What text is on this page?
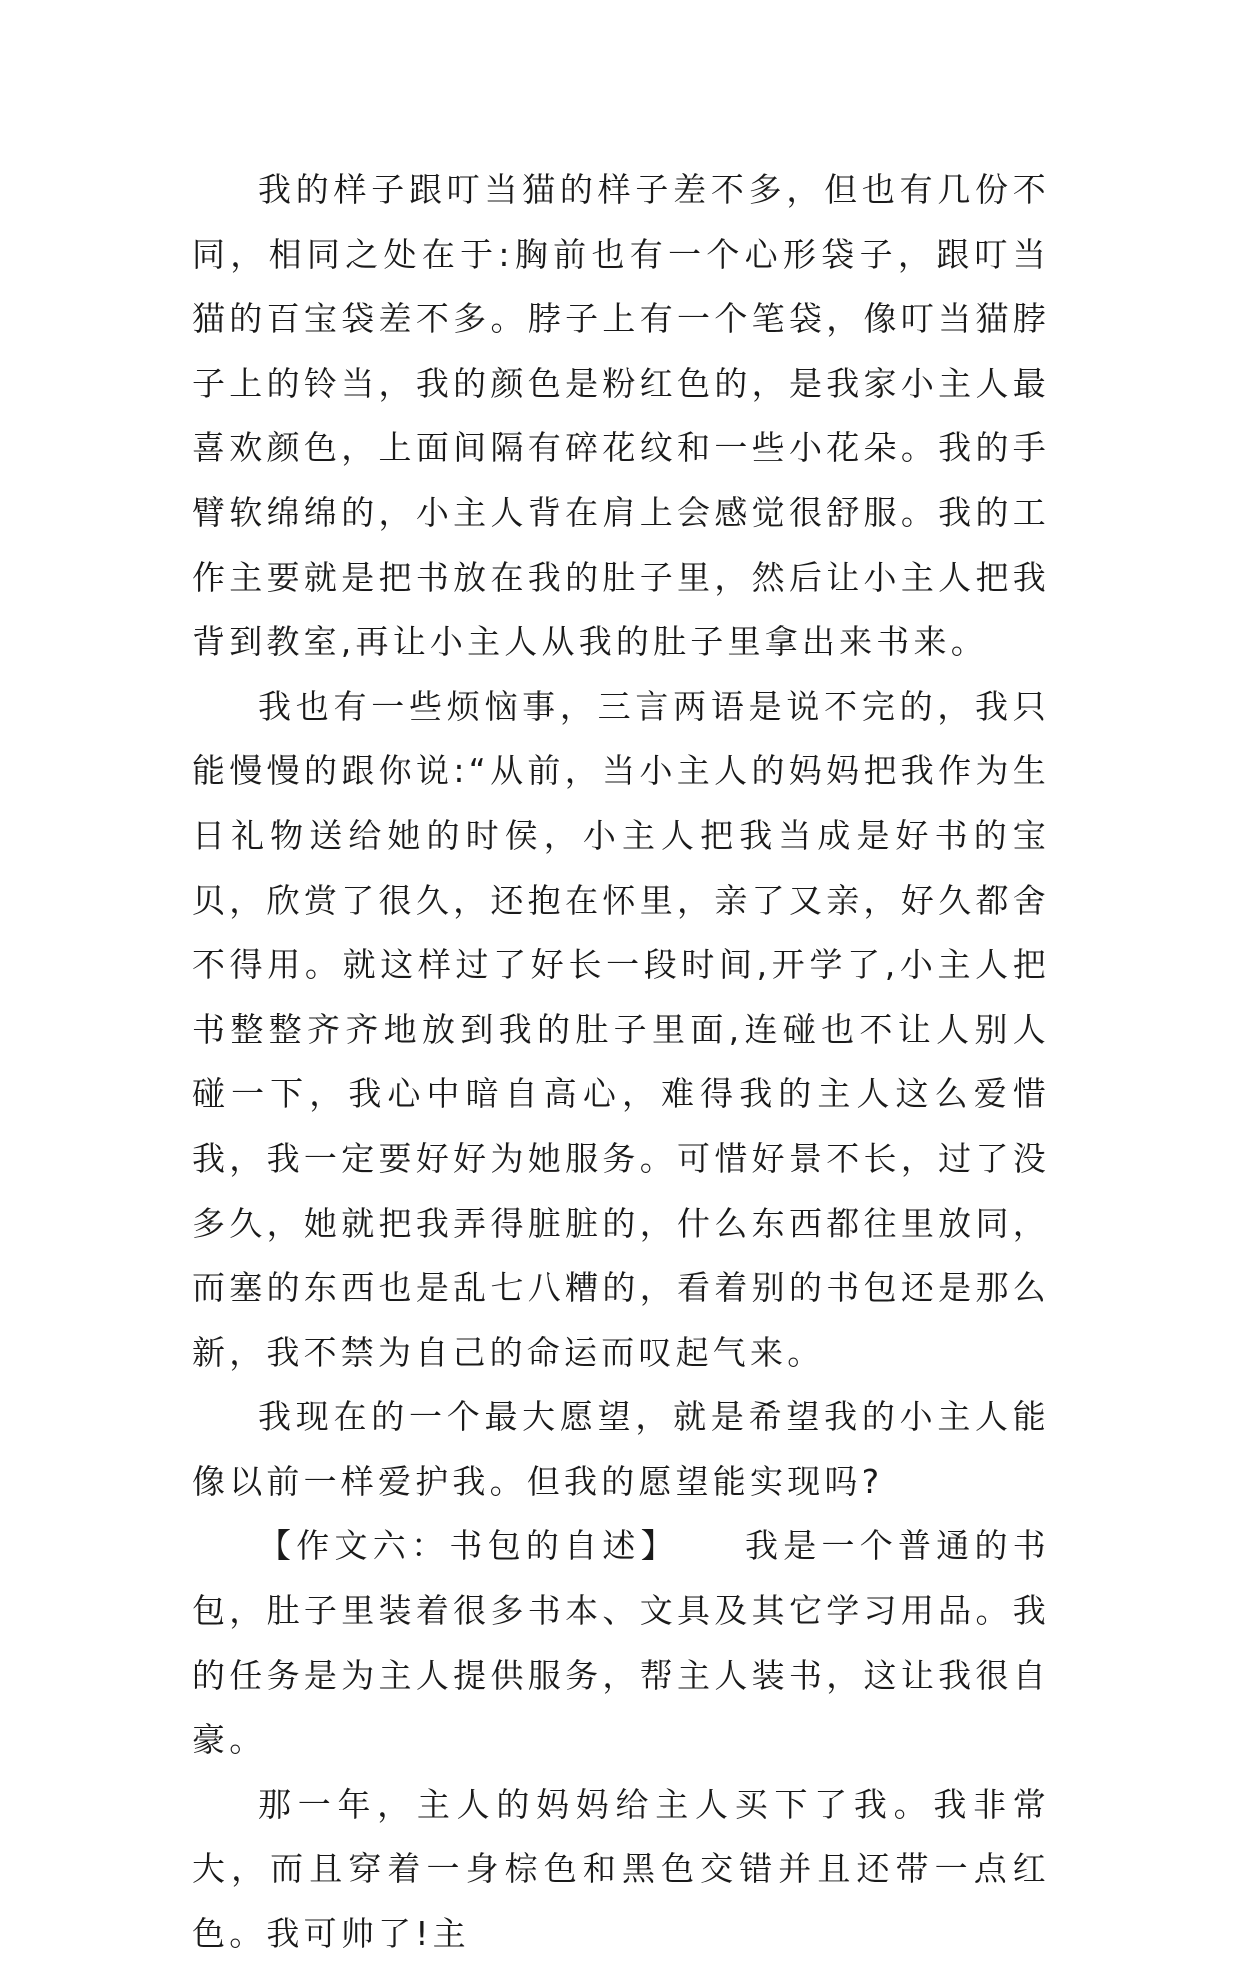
我的样子跟叮当猫的样子差不多，但也有几份不同，相同之处在于:胸前也有一个心形袋子，跟叮当猫的百宝袋差不多。脖子上有一个笔袋，像叮当猫脖子上的铃当，我的颜色是粉红色的，是我家小主人最喜欢颜色，上面间隔有碎花纹和一些小花朵。我的手臂软绵绵的，小主人背在肩上会感觉很舒服。我的工作主要就是把书放在我的肚子里，然后让小主人把我背到教室,再让小主人从我的肚子里拿出来书来。

我也有一些烦恼事，三言两语是说不完的，我只能慢慢的跟你说:“从前，当小主人的妈妈把我作为生日礼物送给她的时侯，小主人把我当成是好书的宝贝，欣赏了很久，还抱在怀里，亲了又亲，好久都舍不得用。就这样过了好长一段时间,开学了,小主人把书整整齐齐地放到我的肚子里面,连碰也不让人别人碰一下，我心中暗自高心，难得我的主人这么爱惜我，我一定要好好为她服务。可惜好景不长，过了没多久，她就把我弄得脏脏的，什么东西都往里放同，而塞的东西也是乱七八糟的，看着别的书包还是那么新，我不禁为自己的命运而叹起气来。

我现在的一个最大愿望，就是希望我的小主人能像以前一样爱护我。但我的愿望能实现吗?

【作文六：书包的自述】 我是一个普通的书包，肚子里装着很多书本、文具及其它学习用品。我的任务是为主人提供服务，帮主人装书，这让我很自豪。

那一年，主人的妈妈给主人买下了我。我非常大，而且穿着一身棕色和黑色交错并且还带一点红色。我可帅了!主
